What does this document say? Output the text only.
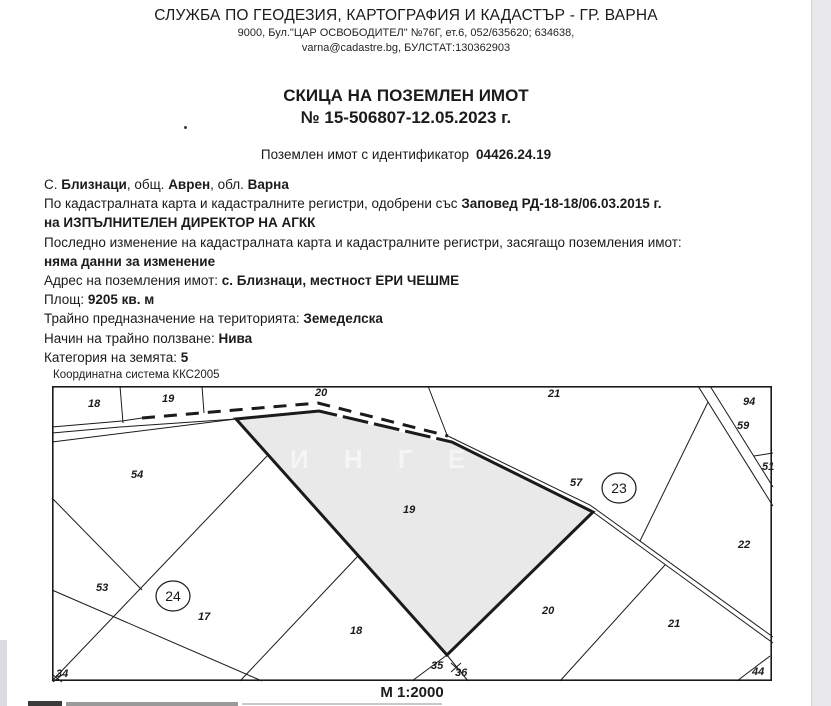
СЛУЖБА ПО ГЕОДЕЗИЯ, КАРТОГРАФИЯ И КАДАСТЪР - ГР. ВАРНА
9000, Бул."ЦАР ОСВОБОДИТЕЛ" №76Г, ет.6, 052/635620; 634638,
varna@cadastre.bg, БУЛСТАТ:130362903
СКИЦА НА ПОЗЕМЛЕН ИМОТ
№ 15-506807-12.05.2023 г.
Поземлен имот с идентификатор 04426.24.19
С. Близнаци, общ. Аврен, обл. Варна
По кадастралната карта и кадастралните регистри, одобрени със Заповед РД-18-18/06.03.2015 г.
на ИЗПЪЛНИТЕЛЕН ДИРЕКТОР НА АГКК
Последно изменение на кадастралната карта и кадастралните регистри, засягащо поземления имот:
няма данни за изменение
Адрес на поземления имот: с. Близнаци, местност ЕРИ ЧЕШМЕ
Площ: 9205 кв. м
Трайно предназначение на територията: Земеделска
Начин на трайно ползване: Нива
Категория на земята: 5
Координатна система ККС2005
И Н Г Е
23
24
18	19	20	21
94
59
51
54
19
57
22
53
17
18
20
21
35
36	44
34
М 1:2000
